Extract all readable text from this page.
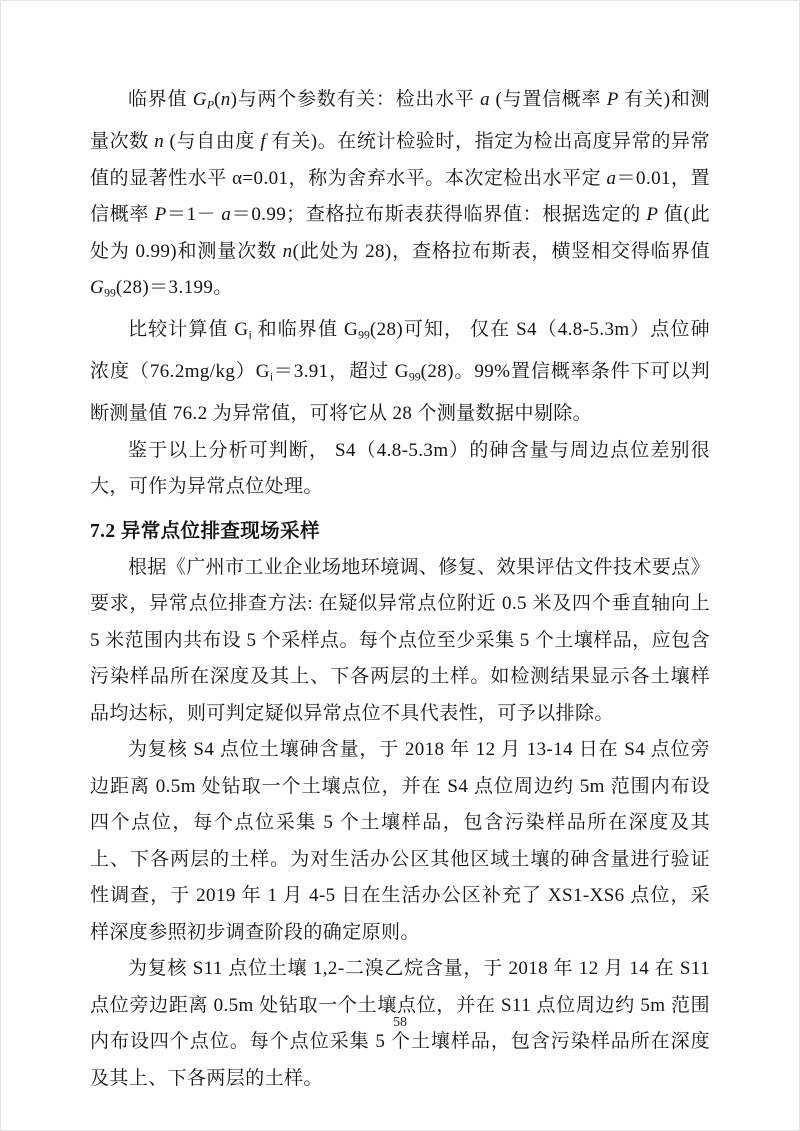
临界值 $G_P(n)$与两个参数有关：检出水平 a (与置信概率 P 有关)和测量次数 n (与自由度 f 有关)。在统计检验时，指定为检出高度异常的异常值的显著性水平 α=0.01，称为舍弃水平。本次定检出水平定 a＝0.01，置信概率 P＝1－ a＝0.99；查格拉布斯表获得临界值：根据选定的 P 值(此处为 0.99)和测量次数 n(此处为 28)，查格拉布斯表，横竖相交得临界值 $G_{99}(28)=3.199$。

比较计算值 $G_i$ 和临界值 $G_{99}(28)$可知， 仅在 S4（4.8-5.3m）点位砷浓度$(76.2mg/kg)G_i=3.91$，超过 $G_{99}(28)$。99%置信概率条件下可以判断测量值 76.2 为异常值，可将它从 28 个测量数据中剔除。

鉴于以上分析可判断， S4（4.8-5.3m）的砷含量与周边点位差别很大，可作为异常点位处理。

7.2 异常点位排查现场采样

根据《广州市工业企业场地环境调、修复、效果评估文件技术要点》要求，异常点位排查方法: 在疑似异常点位附近 0.5 米及四个垂直轴向上 5 米范围内共布设 5 个采样点。每个点位至少采集 5 个土壤样品，应包含污染样品所在深度及其上、下各两层的土样。如检测结果显示各土壤样品均达标，则可判定疑似异常点位不具代表性，可予以排除。

为复核 S4 点位土壤砷含量，于 2018 年 12 月 13-14 日在 S4 点位旁边距离 0.5m 处钻取一个土壤点位，并在 S4 点位周边约 5m 范围内布设四个点位，每个点位采集 5 个土壤样品，包含污染样品所在深度及其上、下各两层的土样。为对生活办公区其他区域土壤的砷含量进行验证性调查，于 2019 年 1 月 4-5 日在生活办公区补充了 XS1-XS6 点位，采样深度参照初步调查阶段的确定原则。

为复核 S11 点位土壤 1,2-二溴乙烷含量，于 2018 年 12 月 14 在 S11 点位旁边距离 0.5m 处钻取一个土壤点位，并在 S11 点位周边约 5m 范围内布设四个点位。每个点位采集 5 个土壤样品，包含污染样品所在深度及其上、下各两层的土样。

58
